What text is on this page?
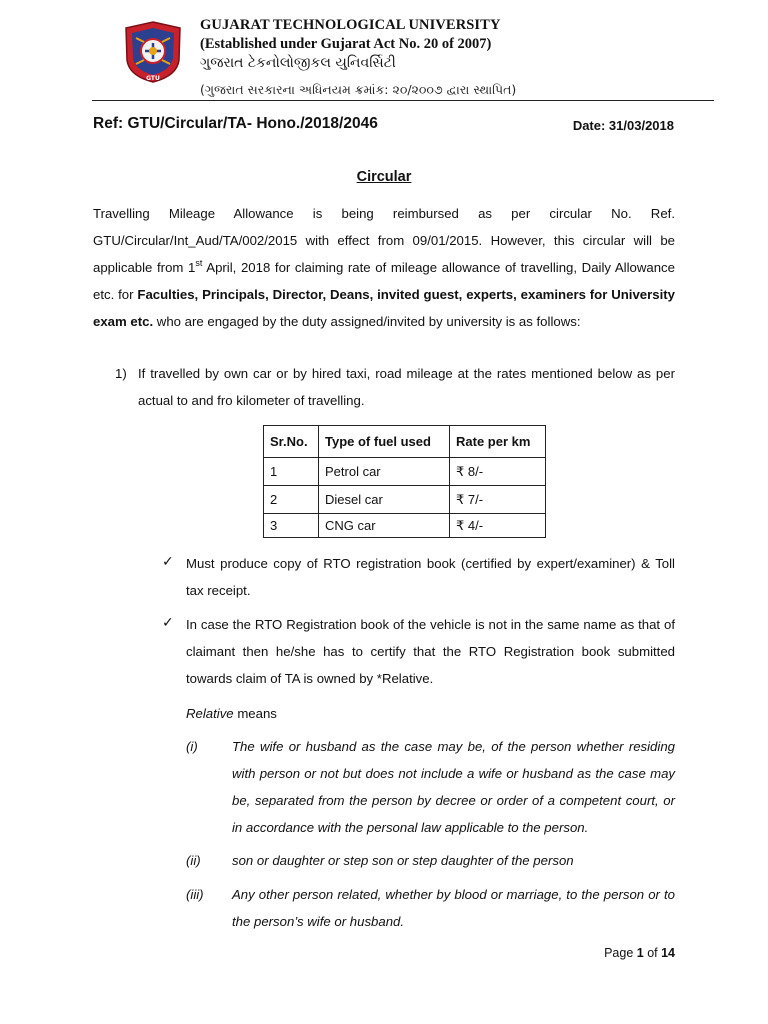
GTU
GUJARAT TECHNOLOGICAL UNIVERSITY
(Established under Gujarat Act No. 20 of 2007)
ગુજરાત ટેકનોલોજીકલ યુનિવર્સિટી
(ગુજરાત સરકારના અધિનયમ ક્રમાંક: ૨૦/૨૦૦૭ દ્વારા સ્થાપિત)
Ref: GTU/Circular/TA- Hono./2018/2046	Date: 31/03/2018
Circular
Travelling Mileage Allowance is being reimbursed as per circular No. Ref. GTU/Circular/Int_Aud/TA/002/2015 with effect from 09/01/2015. However, this circular will be applicable from 1st April, 2018 for claiming rate of mileage allowance of travelling, Daily Allowance etc. for Faculties, Principals, Director, Deans, invited guest, experts, examiners for University exam etc. who are engaged by the duty assigned/invited by university is as follows:
1) If travelled by own car or by hired taxi, road mileage at the rates mentioned below as per actual to and fro kilometer of travelling.
Sr.No.	Type of fuel used	Rate per km
1	Petrol car	₹ 8/-
2	Diesel car	₹ 7/-
3	CNG car	₹ 4/-
✓ Must produce copy of RTO registration book (certified by expert/examiner) & Toll tax receipt.
✓ In case the RTO Registration book of the vehicle is not in the same name as that of claimant then he/she has to certify that the RTO Registration book submitted towards claim of TA is owned by *Relative.
Relative means
(i)	The wife or husband as the case may be, of the person whether residing with person or not but does not include a wife or husband as the case may be, separated from the person by decree or order of a competent court, or in accordance with the personal law applicable to the person.
(ii) son or daughter or step son or step daughter of the person
(iii) Any other person related, whether by blood or marriage, to the person or to the person’s wife or husband.
Page 1 of 14
